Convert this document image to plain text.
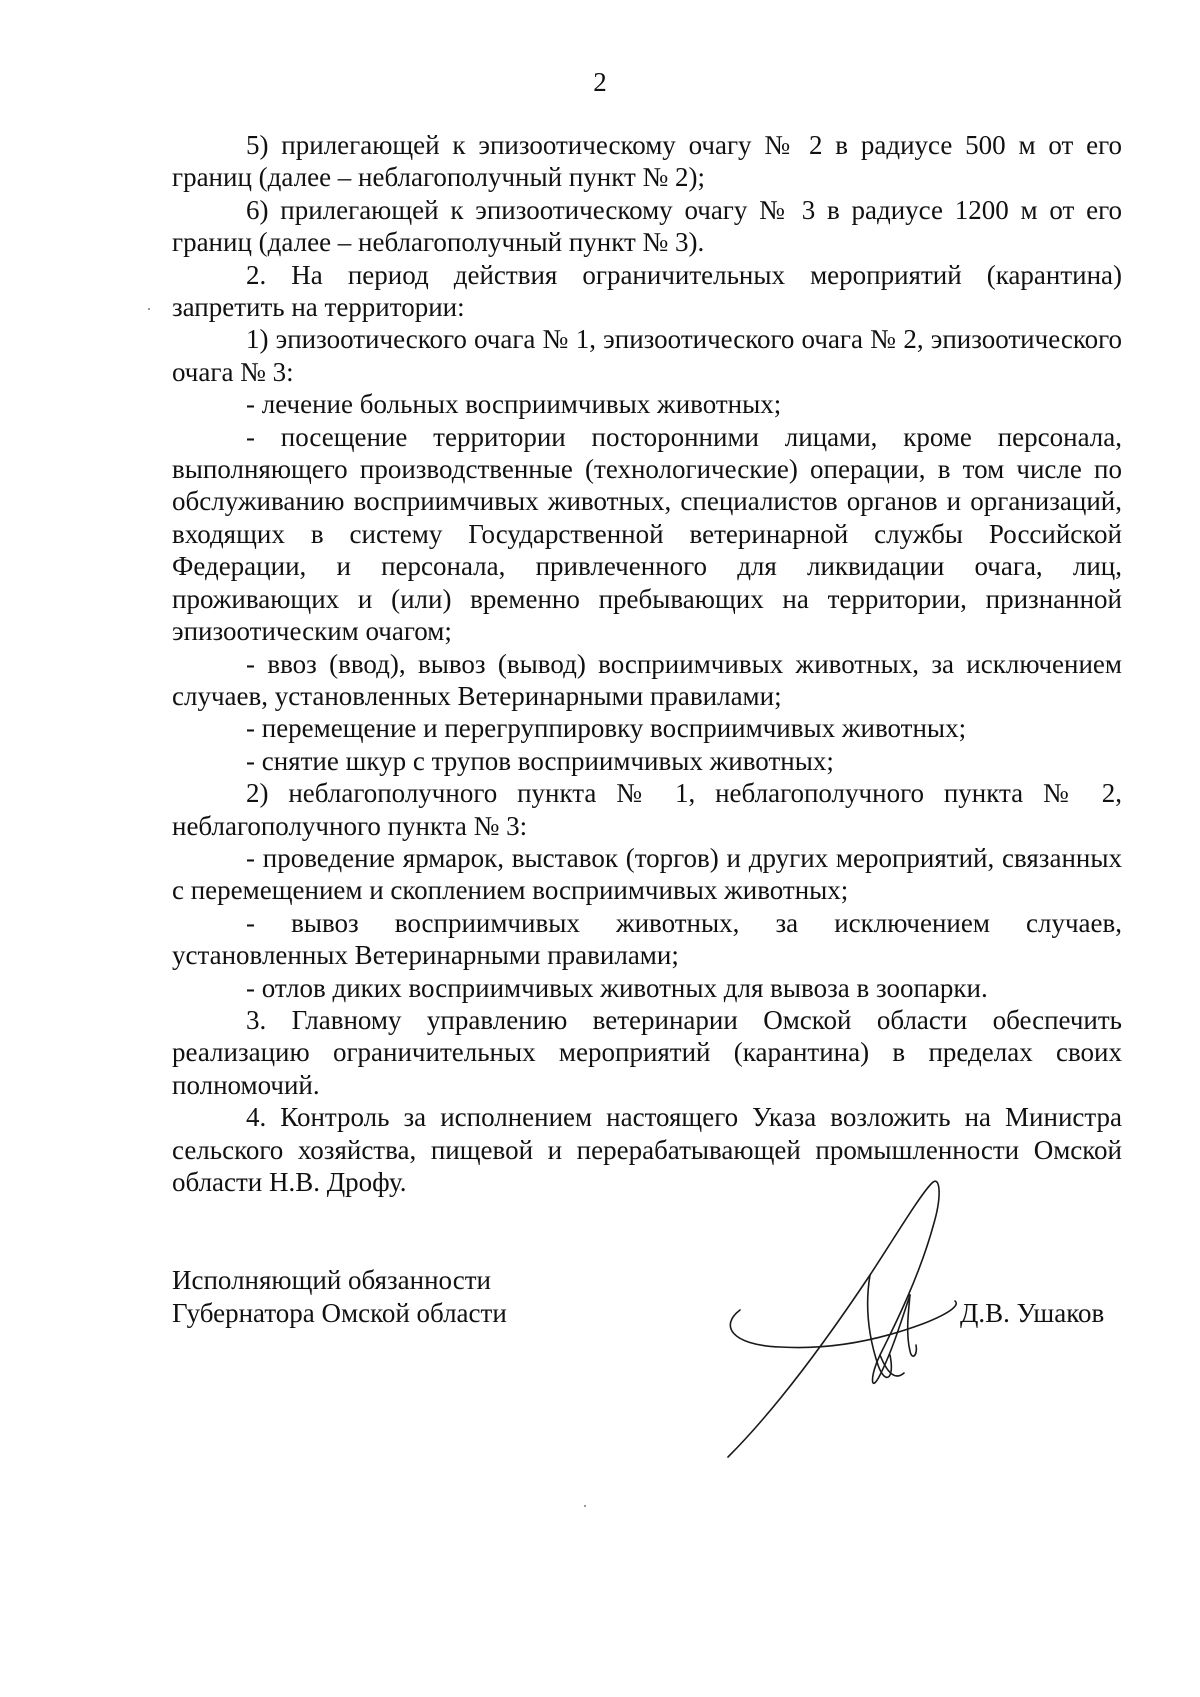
2

5) прилегающей к эпизоотическому очагу № 2 в радиусе 500 м от его границ (далее – неблагополучный пункт № 2);

6) прилегающей к эпизоотическому очагу № 3 в радиусе 1200 м от его границ (далее – неблагополучный пункт № 3).

2. На период действия ограничительных мероприятий (карантина) запретить на территории:

1) эпизоотического очага № 1, эпизоотического очага № 2, эпизоотического очага № 3:

- лечение больных восприимчивых животных;

- посещение территории посторонними лицами, кроме персонала, выполняющего производственные (технологические) операции, в том числе по обслуживанию восприимчивых животных, специалистов органов и организаций, входящих в систему Государственной ветеринарной службы Российской Федерации, и персонала, привлеченного для ликвидации очага, лиц, проживающих и (или) временно пребывающих на территории, признанной эпизоотическим очагом;

- ввоз (ввод), вывоз (вывод) восприимчивых животных, за исключением случаев, установленных Ветеринарными правилами;

- перемещение и перегруппировку восприимчивых животных;

- снятие шкур с трупов восприимчивых животных;

2) неблагополучного пункта № 1, неблагополучного пункта № 2, неблагополучного пункта № 3:

- проведение ярмарок, выставок (торгов) и других мероприятий, связанных с перемещением и скоплением восприимчивых животных;

- вывоз восприимчивых животных, за исключением случаев, установленных Ветеринарными правилами;

- отлов диких восприимчивых животных для вывоза в зоопарки.

3. Главному управлению ветеринарии Омской области обеспечить реализацию ограничительных мероприятий (карантина) в пределах своих полномочий.

4. Контроль за исполнением настоящего Указа возложить на Министра сельского хозяйства, пищевой и перерабатывающей промышленности Омской области Н.В. Дрофу.

Исполняющий обязанности
Губернатора Омской области	Д.В. Ушаков
